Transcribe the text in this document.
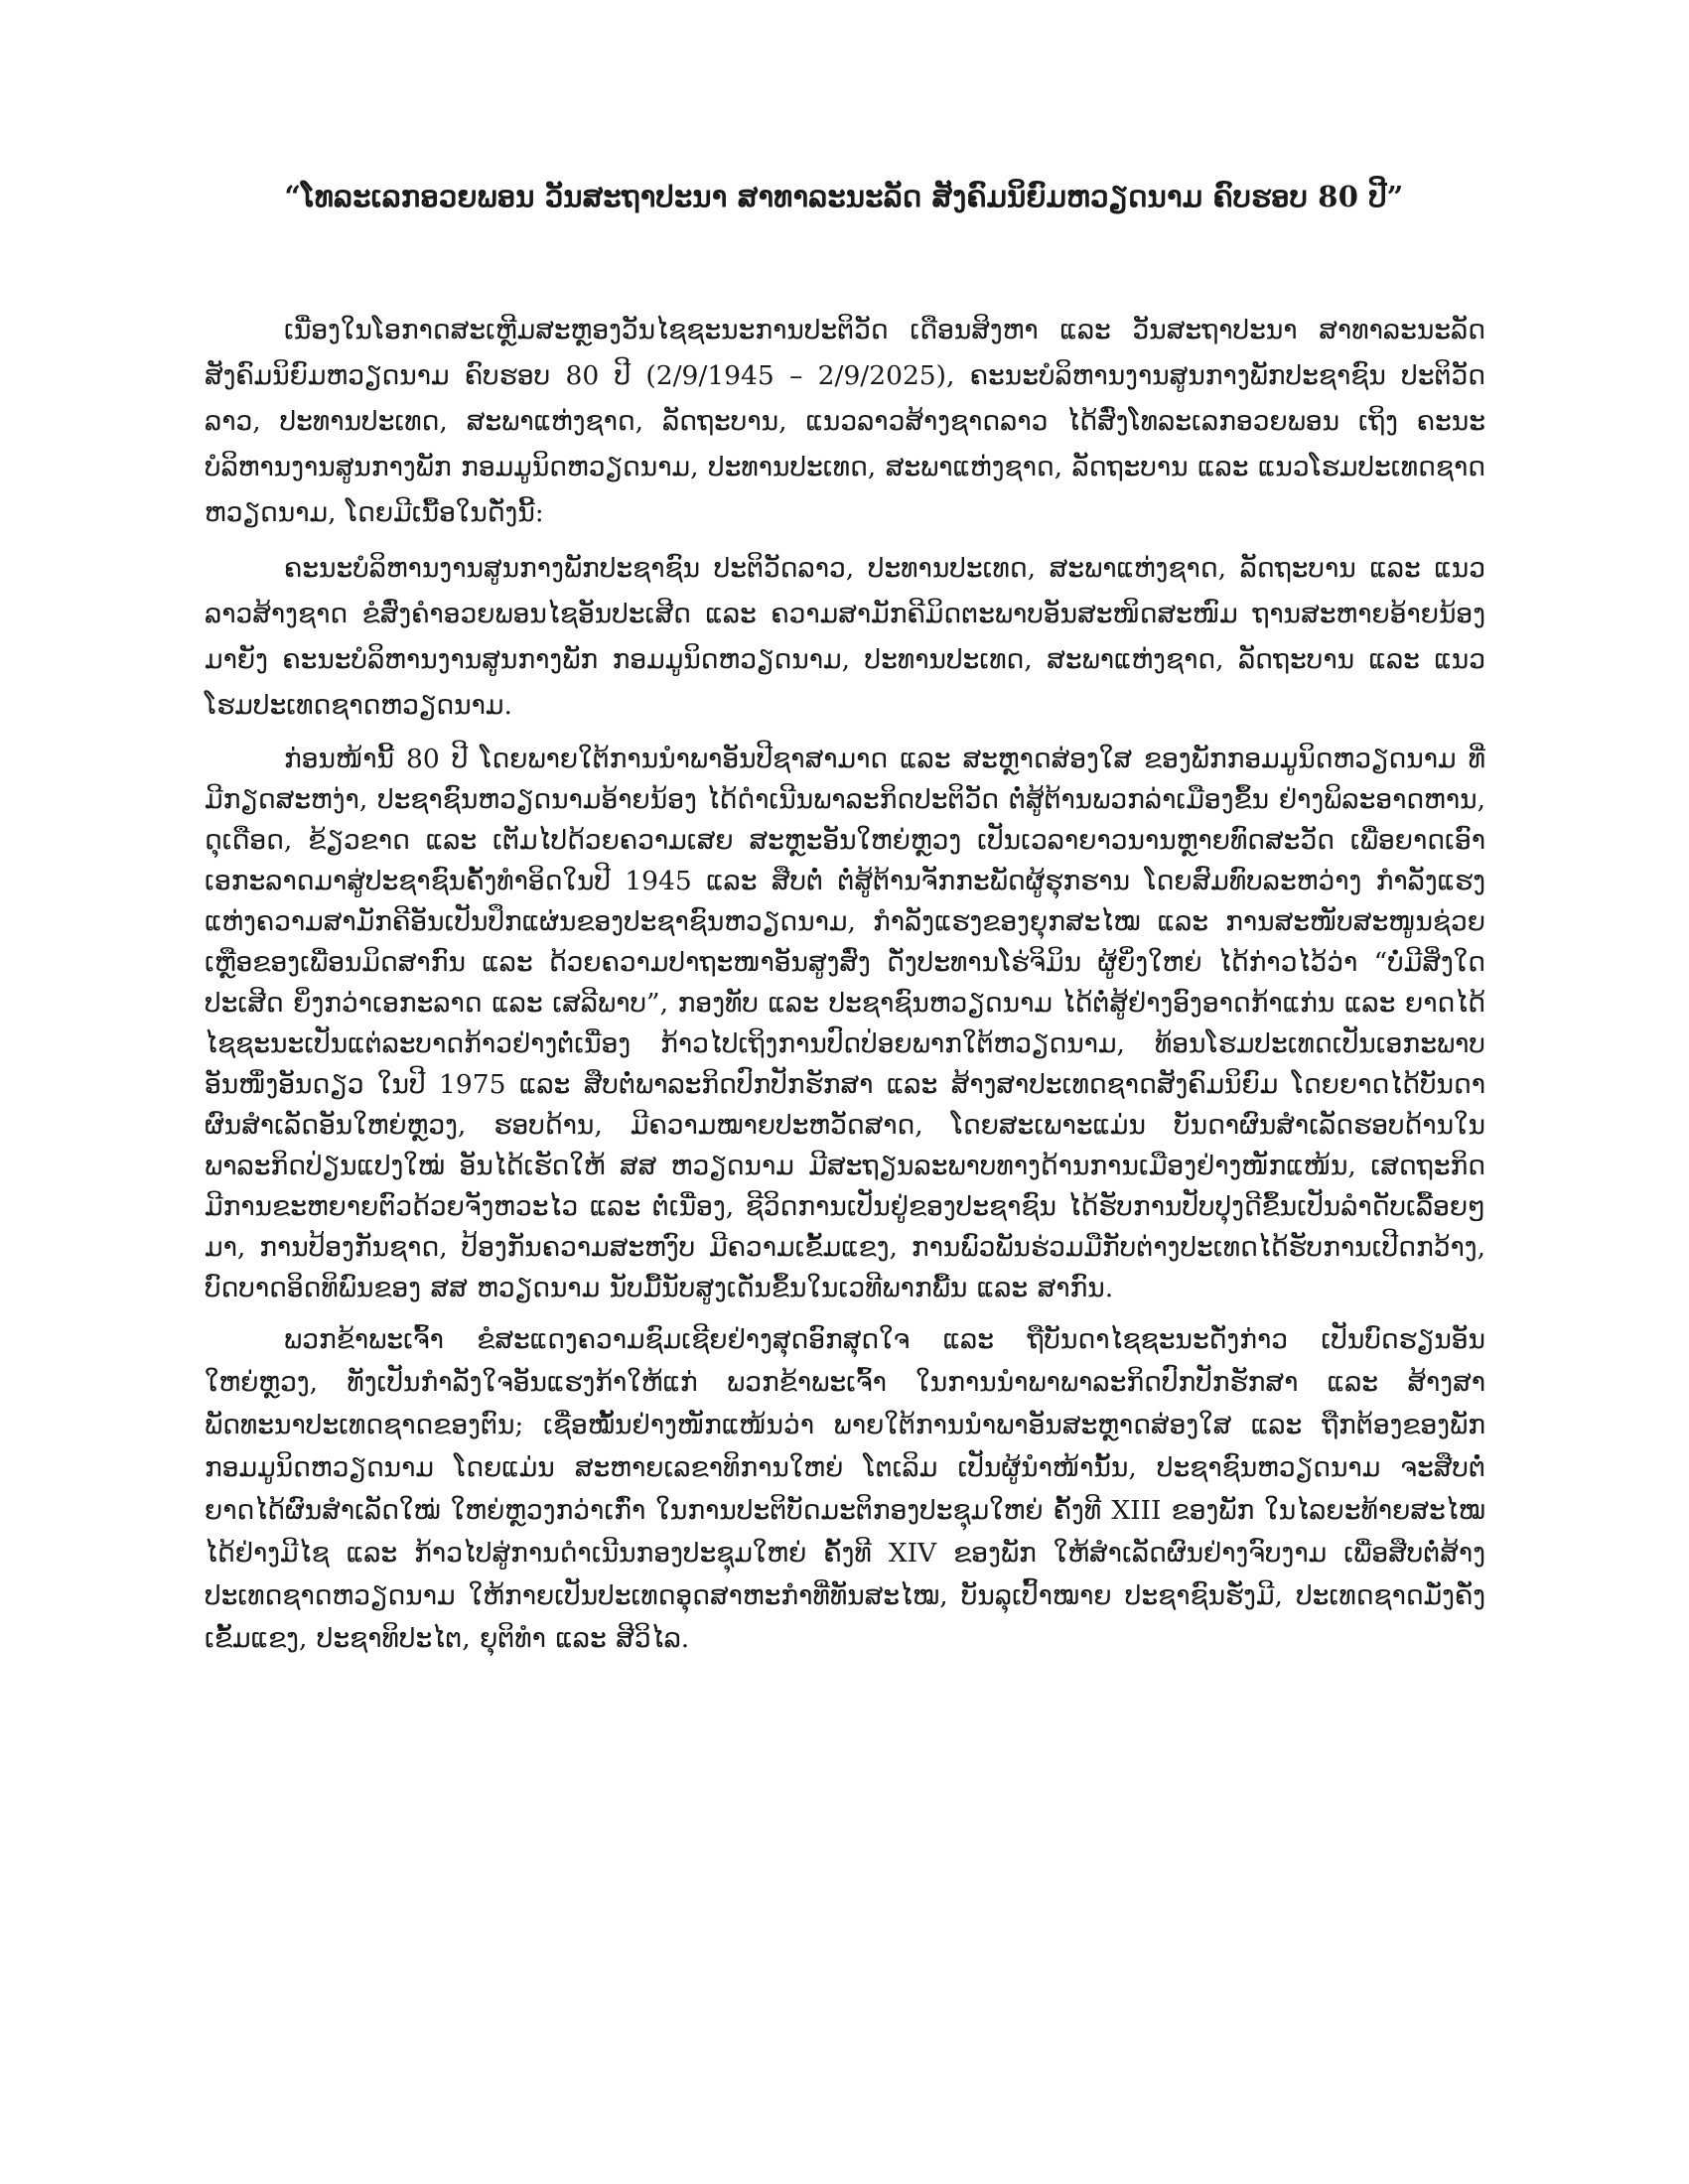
“ໂທລະເລກອວຍພອນ ວັນສະຖາປະນາ ສາທາລະນະລັດ ສັງຄົມນິຍົມຫວຽດນາມ ຄົບຮອບ 80 ປີ”

ເນື່ອງໃນໂອກາດສະເຫຼີມສະຫຼອງວັນໄຊຊະນະການປະຕິວັດ ເດືອນສິງຫາ ແລະ ວັນສະຖາປະນາ ສາທາລະນະລັດ ສັງຄົມນິຍົມຫວຽດນາມ ຄົບຮອບ 80 ປີ (2/9/1945 – 2/9/2025), ຄະນະບໍລິຫານງານສູນກາງພັກປະຊາຊົນ ປະຕິວັດລາວ, ປະທານປະເທດ, ສະພາແຫ່ງຊາດ, ລັດຖະບານ, ແນວລາວສ້າງຊາດລາວ ໄດ້ສົ່ງໂທລະເລກອວຍພອນ ເຖິງ ຄະນະບໍລິຫານງານສູນກາງພັກ ກອມມູນິດຫວຽດນາມ, ປະທານປະເທດ, ສະພາແຫ່ງຊາດ, ລັດຖະບານ ແລະ ແນວໂຮມປະເທດຊາດຫວຽດນາມ, ໂດຍມີເນື້ອໃນດັ່ງນີ້:

ຄະນະບໍລິຫານງານສູນກາງພັກປະຊາຊົນ ປະຕິວັດລາວ, ປະທານປະເທດ, ສະພາແຫ່ງຊາດ, ລັດຖະບານ ແລະ ແນວລາວສ້າງຊາດ ຂໍສົ່ງຄຳອວຍພອນໄຊອັນປະເສີດ ແລະ ຄວາມສາມັກຄີມິດຕະພາບອັນສະໜິດສະໜົມ ຖານສະຫາຍອ້າຍນ້ອງ ມາຍັງ ຄະນະບໍລິຫານງານສູນກາງພັກ ກອມມູນິດຫວຽດນາມ, ປະທານປະເທດ, ສະພາແຫ່ງຊາດ, ລັດຖະບານ ແລະ ແນວໂຮມປະເທດຊາດຫວຽດນາມ.

ກ່ອນໜ້ານີ້ 80 ປີ ໂດຍພາຍໃຕ້ການນຳພາອັນປີຊາສາມາດ ແລະ ສະຫຼາດສ່ອງໃສ ຂອງພັກກອມມູນິດຫວຽດນາມ ທີ່ມີກຽດສະຫງ່າ, ປະຊາຊົນຫວຽດນາມອ້າຍນ້ອງ ໄດ້ດຳເນີນພາລະກິດປະຕິວັດ ຕໍ່ສູ້ຕ້ານພວກລ່າເມືອງຂຶ້ນ ຢ່າງພິລະອາດຫານ, ດຸເດືອດ, ຂ້ຽວຂາດ ແລະ ເຕັມໄປດ້ວຍຄວາມເສຍ ສະຫຼະອັນໃຫຍ່ຫຼວງ ເປັນເວລາຍາວນານຫຼາຍທົດສະວັດ ເພື່ອຍາດເອົາເອກະລາດມາສູ່ປະຊາຊົນຄັ້ງທຳອິດໃນປີ 1945 ແລະ ສືບຕໍ່ ຕໍ່ສູ້ຕ້ານຈັກກະພັດຜູ້ຮຸກຮານ ໂດຍສົມທົບລະຫວ່າງ ກຳລັງແຮງແຫ່ງຄວາມສາມັກຄີອັນເປັນປຶກແຜ່ນຂອງປະຊາຊົນຫວຽດນາມ, ກຳລັງແຮງຂອງຍຸກສະໄໝ ແລະ ການສະໜັບສະໜູນຊ່ວຍ ເຫຼືອຂອງເພື່ອນມິດສາກົນ ແລະ ດ້ວຍຄວາມປາຖະໜາອັນສູງສົ່ງ ດັ່ງປະທານໂຮ່ຈິມິນ ຜູ້ຍິ່ງໃຫຍ່ ໄດ້ກ່າວໄວ້ວ່າ “ບໍ່ມີສິ່ງໃດປະເສີດ ຍິ່ງກວ່າເອກະລາດ ແລະ ເສລີພາບ”, ກອງທັບ ແລະ ປະຊາຊົນຫວຽດນາມ ໄດ້ຕໍ່ສູ້ຢ່າງອົງອາດກ້າແກ່ນ ແລະ ຍາດໄດ້ໄຊຊະນະເປັນແຕ່ລະບາດກ້າວຢ່າງຕໍ່ເນື່ອງ ກ້າວໄປເຖິງການປົດປ່ອຍພາກໃຕ້ຫວຽດນາມ, ທ້ອນໂຮມປະເທດເປັນເອກະພາບອັນໜຶ່ງອັນດຽວ ໃນປີ 1975 ແລະ ສືບຕໍ່ພາລະກິດປົກປັກຮັກສາ ແລະ ສ້າງສາປະເທດຊາດສັງຄົມນິຍົມ ໂດຍຍາດໄດ້ບັນດາຜົນສຳເລັດອັນໃຫຍ່ຫຼວງ, ຮອບດ້ານ, ມີຄວາມໝາຍປະຫວັດສາດ, ໂດຍສະເພາະແມ່ນ ບັນດາຜົນສຳເລັດຮອບດ້ານໃນພາລະກິດປ່ຽນແປງໃໝ່ ອັນໄດ້ເຮັດໃຫ້ ສສ ຫວຽດນາມ ມີສະຖຽນລະພາບທາງດ້ານການເມືອງຢ່າງໜັກແໜ້ນ, ເສດຖະກິດມີການຂະຫຍາຍຕົວດ້ວຍຈັງຫວະໄວ ແລະ ຕໍ່ເນື່ອງ, ຊີວິດການເປັນຢູ່ຂອງປະຊາຊົນ ໄດ້ຮັບການປັບປຸງດີຂຶ້ນເປັນລຳດັບເລື້ອຍໆມາ, ການປ້ອງກັນຊາດ, ປ້ອງກັນຄວາມສະຫງົບ ມີຄວາມເຂັ້ມແຂງ, ການພົວພັນຮ່ວມມືກັບຕ່າງປະເທດໄດ້ຮັບການເປີດກວ້າງ, ບົດບາດອິດທິພົນຂອງ ສສ ຫວຽດນາມ ນັບມື້ນັບສູງເດັ່ນຂຶ້ນໃນເວທີພາກພື້ນ ແລະ ສາກົນ.

ພວກຂ້າພະເຈົ້າ ຂໍສະແດງຄວາມຊົມເຊີຍຢ່າງສຸດອົກສຸດໃຈ ແລະ ຖືບັນດາໄຊຊະນະດັ່ງກ່າວ ເປັນບົດຮຽນອັນໃຫຍ່ຫຼວງ, ທັງເປັນກຳລັງໃຈອັນແຮງກ້າໃຫ້ແກ່ ພວກຂ້າພະເຈົ້າ ໃນການນຳພາພາລະກິດປົກປັກຮັກສາ ແລະ ສ້າງສາພັດທະນາປະເທດຊາດຂອງຕົນ; ເຊື່ອໝັ້ນຢ່າງໜັກແໜ້ນວ່າ ພາຍໃຕ້ການນຳພາອັນສະຫຼາດສ່ອງໃສ ແລະ ຖືກຕ້ອງຂອງພັກກອມມູນິດຫວຽດນາມ ໂດຍແມ່ນ ສະຫາຍເລຂາທິການໃຫຍ່ ໂຕເລິມ ເປັນຜູ້ນຳໜ້ານັ້ນ, ປະຊາຊົນຫວຽດນາມ ຈະສືບຕໍ່ຍາດໄດ້ຜົນສຳເລັດໃໝ່ ໃຫຍ່ຫຼວງກວ່າເກົ່າ ໃນການປະຕິບັດມະຕິກອງປະຊຸມໃຫຍ່ ຄັ້ງທີ XIII ຂອງພັກ ໃນໄລຍະທ້າຍສະໄໝໄດ້ຢ່າງມີໄຊ ແລະ ກ້າວໄປສູ່ການດຳເນີນກອງປະຊຸມໃຫຍ່ ຄັ້ງທີ XIV ຂອງພັກ ໃຫ້ສຳເລັດຜົນຢ່າງຈົບງາມ ເພື່ອສືບຕໍ່ສ້າງປະເທດຊາດຫວຽດນາມ ໃຫ້ກາຍເປັນປະເທດອຸດສາຫະກຳທີ່ທັນສະໄໝ, ບັນລຸເປົ້າໝາຍ ປະຊາຊົນຮັ່ງມີ, ປະເທດຊາດມັ່ງຄັ່ງເຂັ້ມແຂງ, ປະຊາທິປະໄຕ, ຍຸຕິທຳ ແລະ ສີວິໄລ.
